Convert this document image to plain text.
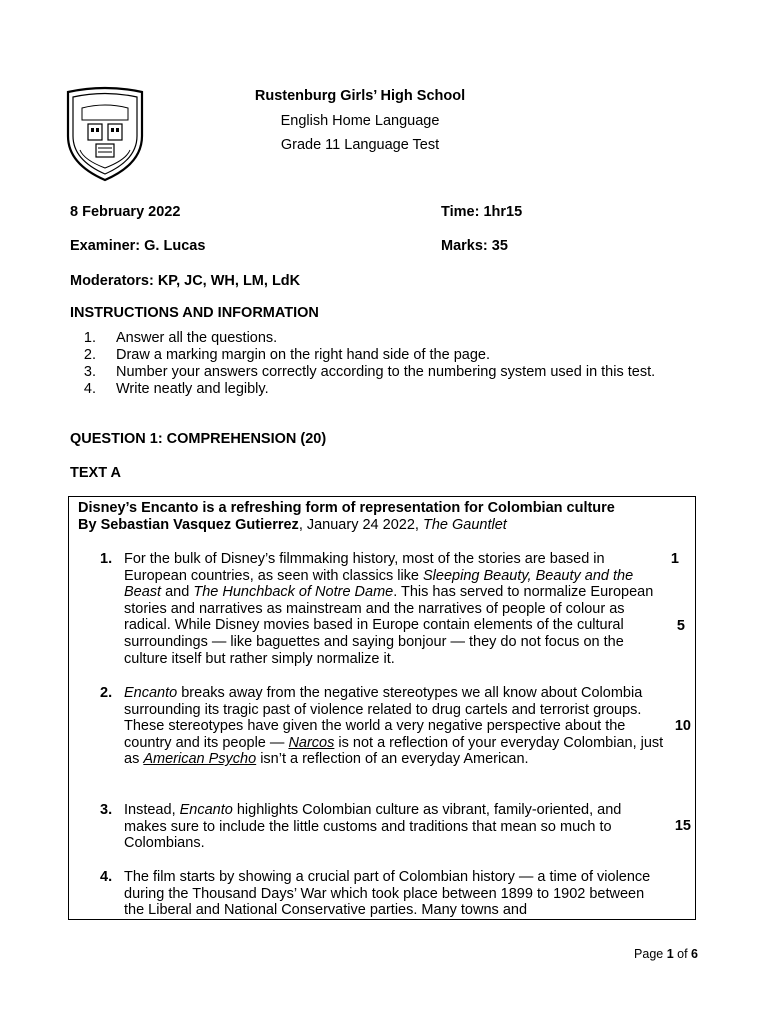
Rustenburg Girls’ High School
English Home Language
Grade 11 Language Test
8 February 2022	Time: 1hr15
Examiner: G. Lucas	Marks: 35
Moderators: KP, JC, WH, LM, LdK
INSTRUCTIONS AND INFORMATION
1. Answer all the questions.
2. Draw a marking margin on the right hand side of the page.
3. Number your answers correctly according to the numbering system used in this test.
4. Write neatly and legibly.
QUESTION 1: COMPREHENSION (20)
TEXT A
Disney’s Encanto is a refreshing form of representation for Colombian culture
By Sebastian Vasquez Gutierrez, January 24 2022, The Gauntlet
1. For the bulk of Disney’s filmmaking history, most of the stories are based in European countries, as seen with classics like Sleeping Beauty, Beauty and the Beast and The Hunchback of Notre Dame. This has served to normalize European stories and narratives as mainstream and the narratives of people of colour as radical. While Disney movies based in Europe contain elements of the cultural surroundings — like baguettes and saying bonjour — they do not focus on the culture itself but rather simply normalize it.
2. Encanto breaks away from the negative stereotypes we all know about Colombia surrounding its tragic past of violence related to drug cartels and terrorist groups. These stereotypes have given the world a very negative perspective about the country and its people — Narcos is not a reflection of your everyday Colombian, just as American Psycho isn’t a reflection of an everyday American.
3. Instead, Encanto highlights Colombian culture as vibrant, family-oriented, and makes sure to include the little customs and traditions that mean so much to Colombians.
4. The film starts by showing a crucial part of Colombian history — a time of violence during the Thousand Days’ War which took place between 1899 to 1902 between the Liberal and National Conservative parties. Many towns and
1
5
10
15
Page 1 of 6
